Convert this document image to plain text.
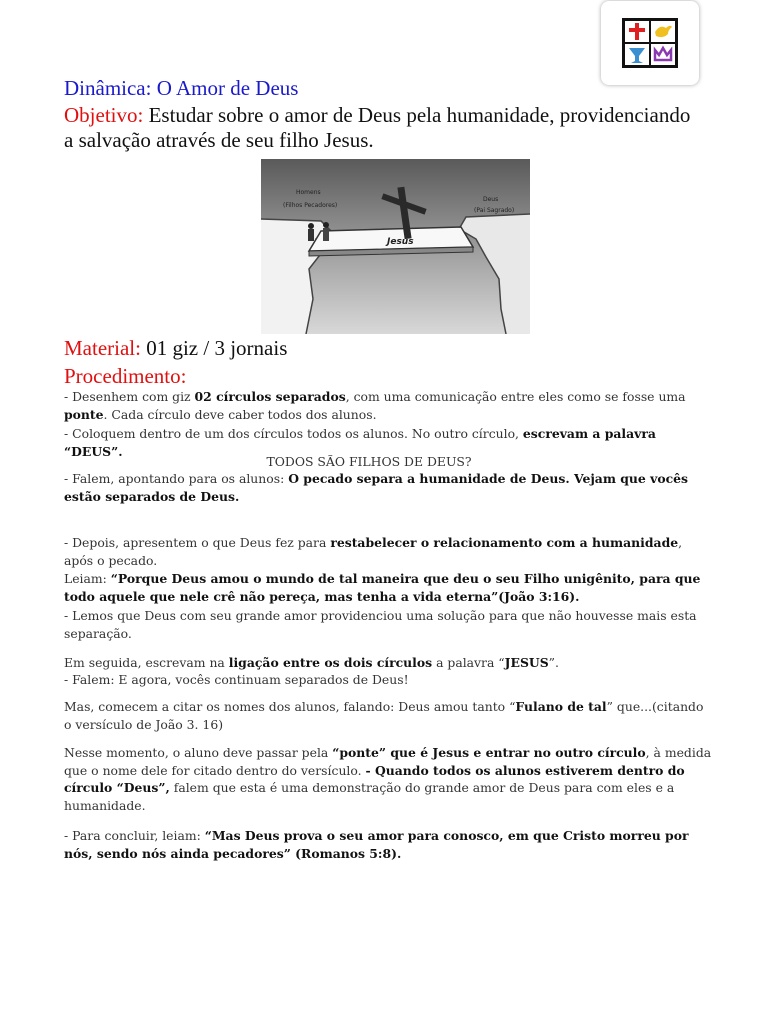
Dinâmica: O Amor de Deus
Objetivo: Estudar sobre o amor de Deus pela humanidade, providenciando a salvação através de seu filho Jesus.
Homens
(Filhos Pecadores)
Deus
(Pai Sagrado)
Jesus
Material: 01 giz / 3 jornais
Procedimento:
- Desenhem com giz 02 círculos separados, com uma comunicação entre eles como se fosse uma ponte. Cada círculo deve caber todos dos alunos.
- Coloquem dentro de um dos círculos todos os alunos. No outro círculo, escrevam a palavra “DEUS”.
TODOS SÃO FILHOS DE DEUS?
- Falem, apontando para os alunos: O pecado separa a humanidade de Deus. Vejam que vocês estão separados de Deus.
- Depois, apresentem o que Deus fez para restabelecer o relacionamento com a humanidade, após o pecado.
Leiam: “Porque Deus amou o mundo de tal maneira que deu o seu Filho unigênito, para que todo aquele que nele crê não pereça, mas tenha a vida eterna”(João 3:16).
- Lemos que Deus com seu grande amor providenciou uma solução para que não houvesse mais esta separação.
Em seguida, escrevam na ligação entre os dois círculos a palavra “JESUS”.
- Falem: E agora, vocês continuam separados de Deus!
Mas, comecem a citar os nomes dos alunos, falando: Deus amou tanto “Fulano de tal” que...(citando o versículo de João 3. 16)
Nesse momento, o aluno deve passar pela “ponte” que é Jesus e entrar no outro círculo, à medida que o nome dele for citado dentro do versículo. - Quando todos os alunos estiverem dentro do círculo “Deus”, falem que esta é uma demonstração do grande amor de Deus para com eles e a humanidade.
- Para concluir, leiam: “Mas Deus prova o seu amor para conosco, em que Cristo morreu por nós, sendo nós ainda pecadores” (Romanos 5:8).
